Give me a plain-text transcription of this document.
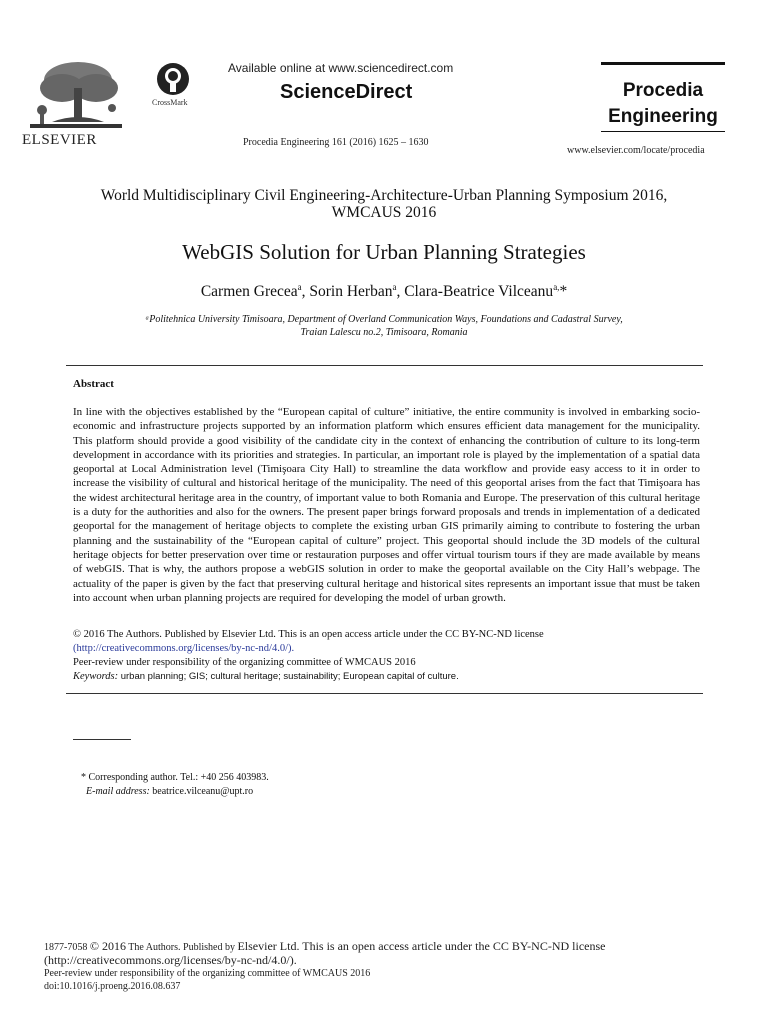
ELSEVIER
CrossMark
Available online at www.sciencedirect.com
ScienceDirect
Procedia Engineering 161 (2016) 1625 – 1630
Procedia
Engineering
www.elsevier.com/locate/procedia
World Multidisciplinary Civil Engineering-Architecture-Urban Planning Symposium 2016,
WMCAUS 2016
WebGIS Solution for Urban Planning Strategies
Carmen Grecea$^a$, Sorin Herban$^a$, Clara-Beatrice Vilceanu$^{a,}$*
ᵃPolitehnica University Timisoara, Department of Overland Communication Ways, Foundations and Cadastral Survey,
Traian Lalescu no.2, Timisoara, Romania
Abstract
In line with the objectives established by the “European capital of culture” initiative, the entire community is involved in embarking socio-economic and infrastructure projects supported by an information platform which ensures efficient data management for the municipality. This platform should provide a good visibility of the candidate city in the context of enhancing the contribution of culture to its long-term development in accordance with its priorities and strategies. In particular, an important role is played by the implementation of a spatial data geoportal at Local Administration level (Timişoara City Hall) to streamline the data workflow and provide easy access to it in order to increase the visibility of cultural and historical heritage of the municipality. The need of this geoportal arises from the fact that Timişoara has the widest architectural heritage area in the country, of important value to both Romania and Europe. The preservation of this cultural heritage is a duty for the authorities and also for the owners. The present paper brings forward proposals and trends in implementation of a dedicated geoportal for the management of heritage objects to complete the existing urban GIS primarily aiming to contribute to fostering the urban planning and the sustainability of the “European capital of culture” project. This geoportal should include the 3D models of the cultural heritage objects for better preservation over time or restauration purposes and offer virtual tourism tours if they are made available by means of webGIS. That is why, the authors propose a webGIS solution in order to make the geoportal available on the City Hall’s webpage. The actuality of the paper is given by the fact that preserving cultural heritage and historical sites represents an important issue that must be taken into account when urban planning projects are required for developing the model of urban growth.
© 2016 The Authors. Published by Elsevier Ltd. This is an open access article under the CC BY-NC-ND license
(http://creativecommons.org/licenses/by-nc-nd/4.0/).
Peer-review under responsibility of the organizing committee of WMCAUS 2016
Keywords: urban planning; GIS; cultural heritage; sustainability; European capital of culture.
* Corresponding author. Tel.: +40 256 403983.
E-mail address: beatrice.vilceanu@upt.ro
1877-7058 © 2016 The Authors. Published by Elsevier Ltd. This is an open access article under the CC BY-NC-ND license
(http://creativecommons.org/licenses/by-nc-nd/4.0/).
Peer-review under responsibility of the organizing committee of WMCAUS 2016
doi:10.1016/j.proeng.2016.08.637
